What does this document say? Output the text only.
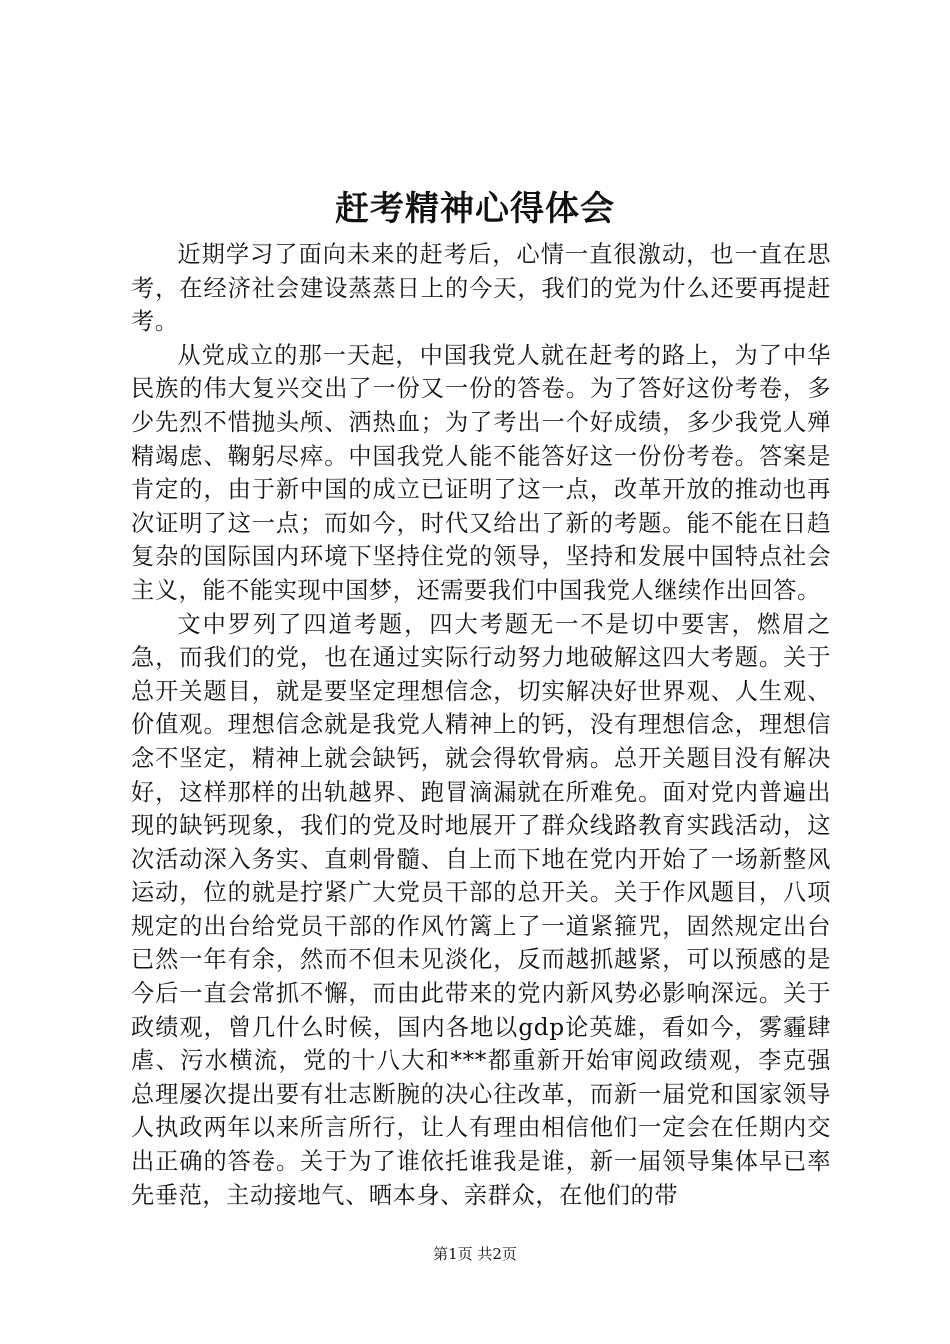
赶考精神心得体会

近期学习了面向未来的赶考后，心情一直很激动，也一直在思考，在经济社会建设蒸蒸日上的今天，我们的党为什么还要再提赶考。

从党成立的那一天起，中国我党人就在赶考的路上，为了中华民族的伟大复兴交出了一份又一份的答卷。为了答好这份考卷，多少先烈不惜抛头颅、洒热血；为了考出一个好成绩，多少我党人殚精竭虑、鞠躬尽瘁。中国我党人能不能答好这一份份考卷。答案是肯定的，由于新中国的成立已证明了这一点，改革开放的推动也再次证明了这一点；而如今，时代又给出了新的考题。能不能在日趋复杂的国际国内环境下坚持住党的领导，坚持和发展中国特点社会主义，能不能实现中国梦，还需要我们中国我党人继续作出回答。

文中罗列了四道考题，四大考题无一不是切中要害，燃眉之急，而我们的党，也在通过实际行动努力地破解这四大考题。关于总开关题目，就是要坚定理想信念，切实解决好世界观、人生观、价值观。理想信念就是我党人精神上的钙，没有理想信念，理想信念不坚定，精神上就会缺钙，就会得软骨病。总开关题目没有解决好，这样那样的出轨越界、跑冒滴漏就在所难免。面对党内普遍出现的缺钙现象，我们的党及时地展开了群众线路教育实践活动，这次活动深入务实、直刺骨髓、自上而下地在党内开始了一场新整风运动，位的就是拧紧广大党员干部的总开关。关于作风题目，八项规定的出台给党员干部的作风竹篱上了一道紧箍咒，固然规定出台已然一年有余，然而不但未见淡化，反而越抓越紧，可以预感的是今后一直会常抓不懈，而由此带来的党内新风势必影响深远。关于政绩观，曾几什么时候，国内各地以gdp论英雄，看如今，雾霾肆虐、污水横流，党的十八大和***都重新开始审阅政绩观，李克强总理屡次提出要有壮志断腕的决心往改革，而新一届党和国家领导人执政两年以来所言所行，让人有理由相信他们一定会在任期内交出正确的答卷。关于为了谁依托谁我是谁，新一届领导集体早已率先垂范，主动接地气、晒本身、亲群众，在他们的带

第1页 共2页
